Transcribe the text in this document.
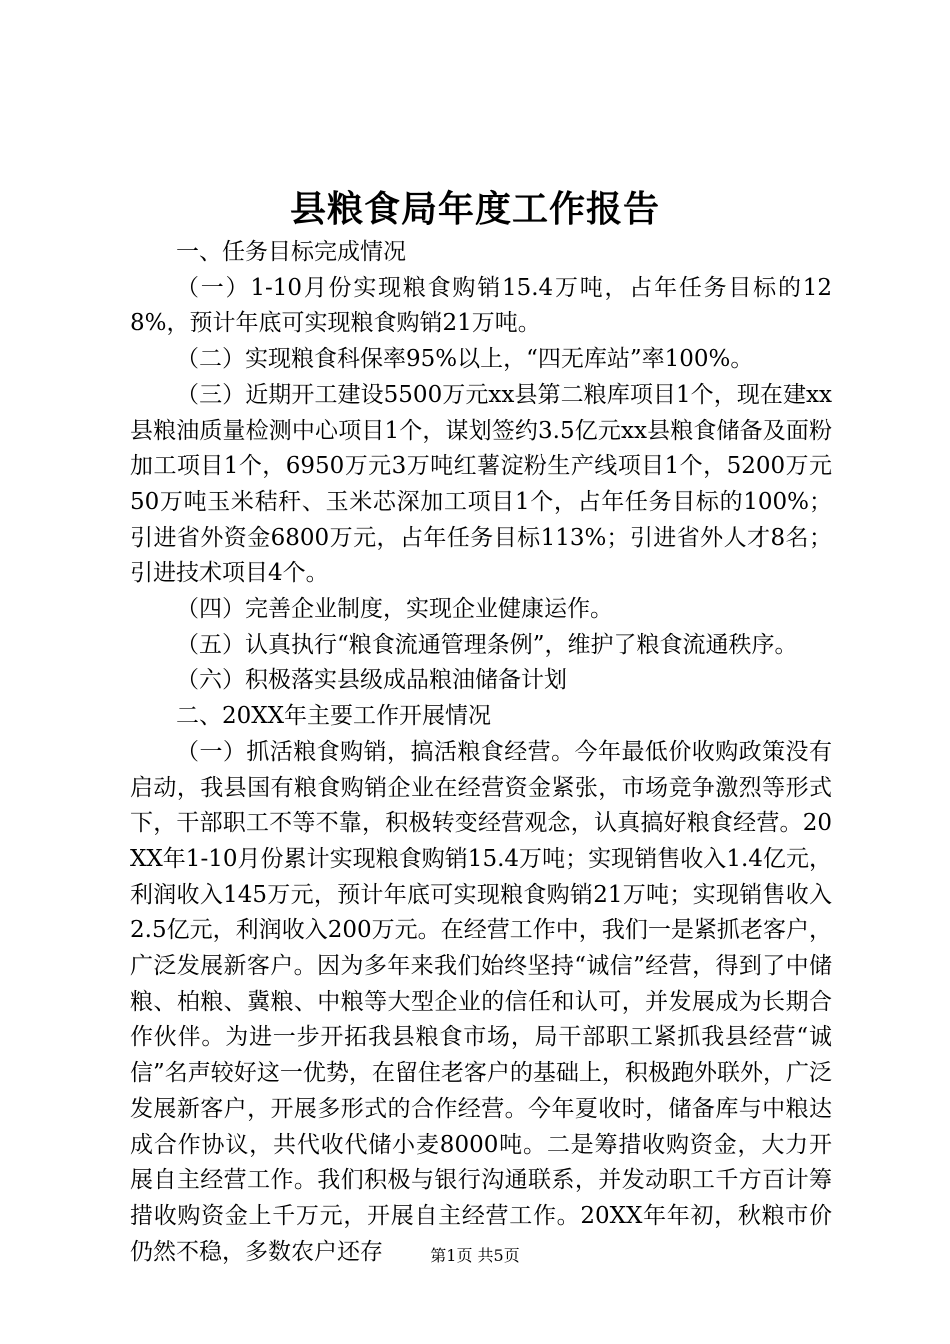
县粮食局年度工作报告

一、任务目标完成情况

（一）1-10月份实现粮食购销15.4万吨，占年任务目标的128%，预计年底可实现粮食购销21万吨。

（二）实现粮食科保率95%以上，“四无库站”率100%。

（三）近期开工建设5500万元xx县第二粮库项目1个，现在建xx县粮油质量检测中心项目1个，谋划签约3.5亿元xx县粮食储备及面粉加工项目1个，6950万元3万吨红薯淀粉生产线项目1个，5200万元50万吨玉米秸秆、玉米芯深加工项目1个，占年任务目标的100%；引进省外资金6800万元，占年任务目标113%；引进省外人才8名；引进技术项目4个。

（四）完善企业制度，实现企业健康运作。

（五）认真执行“粮食流通管理条例”，维护了粮食流通秩序。

（六）积极落实县级成品粮油储备计划

二、20XX年主要工作开展情况

（一）抓活粮食购销，搞活粮食经营。今年最低价收购政策没有启动，我县国有粮食购销企业在经营资金紧张，市场竞争激烈等形式下，干部职工不等不靠，积极转变经营观念，认真搞好粮食经营。20XX年1-10月份累计实现粮食购销15.4万吨；实现销售收入1.4亿元，利润收入145万元，预计年底可实现粮食购销21万吨；实现销售收入2.5亿元，利润收入200万元。在经营工作中，我们一是紧抓老客户，广泛发展新客户。因为多年来我们始终坚持“诚信”经营，得到了中储粮、柏粮、冀粮、中粮等大型企业的信任和认可，并发展成为长期合作伙伴。为进一步开拓我县粮食市场，局干部职工紧抓我县经营“诚信”名声较好这一优势，在留住老客户的基础上，积极跑外联外，广泛发展新客户，开展多形式的合作经营。今年夏收时，储备库与中粮达成合作协议，共代收代储小麦8000吨。二是筹措收购资金，大力开展自主经营工作。我们积极与银行沟通联系，并发动职工千方百计筹措收购资金上千万元，开展自主经营工作。20XX年年初，秋粮市价仍然不稳，多数农户还存	第1页 共5页
